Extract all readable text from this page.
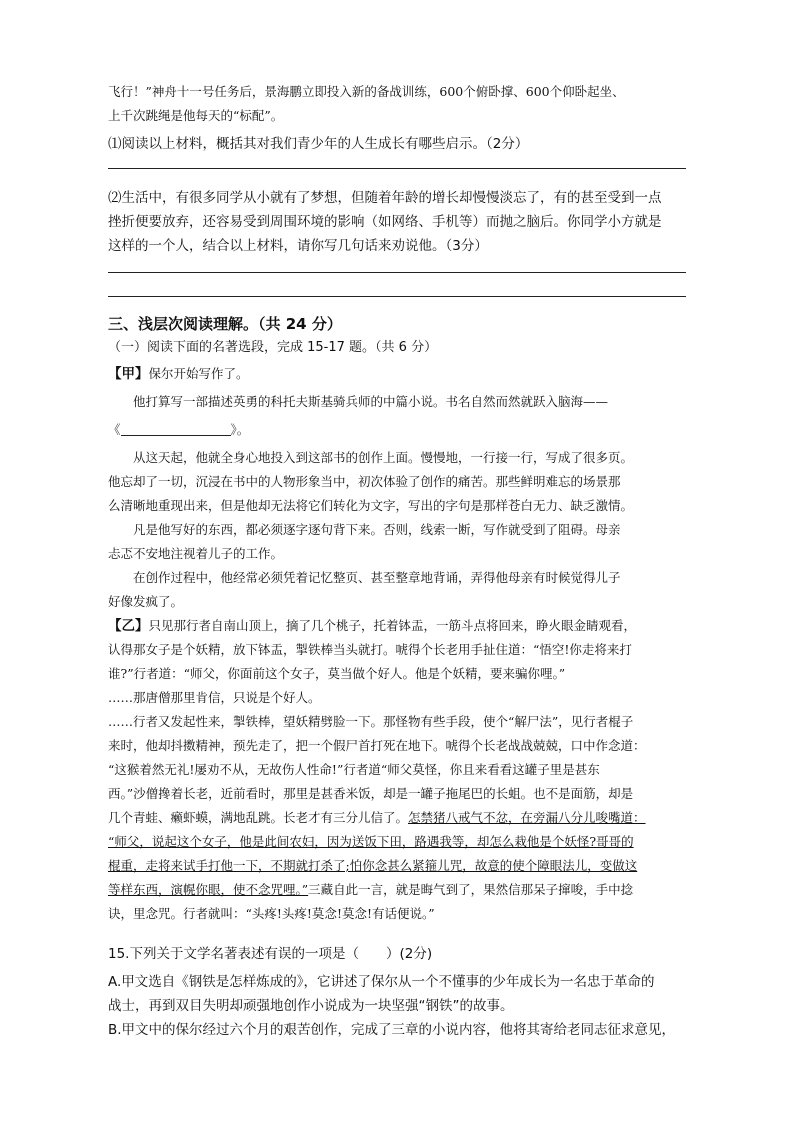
飞行！”神舟十一号任务后，景海鹏立即投入新的备战训练，600个俯卧撑、600个仰卧起坐、

上千次跳绳是他每天的“标配”。

⑴阅读以上材料，概括其对我们青少年的人生成长有哪些启示。（2分）

⑵生活中，有很多同学从小就有了梦想，但随着年龄的增长却慢慢淡忘了，有的甚至受到一点

挫折便要放弃，还容易受到周围环境的影响（如网络、手机等）而抛之脑后。你同学小方就是

这样的一个人，结合以上材料，请你写几句话来劝说他。（3分）

三、浅层次阅读理解。（共 24 分）

（一）阅读下面的名著选段，完成 15-17 题。（共 6 分）

【甲】保尔开始写作了。

他打算写一部描述英勇的科托夫斯基骑兵师的中篇小说。书名自然而然就跃入脑海——

《	》。

从这天起，他就全身心地投入到这部书的创作上面。慢慢地，一行接一行，写成了很多页。

他忘却了一切，沉浸在书中的人物形象当中，初次体验了创作的痛苦。那些鲜明难忘的场景那

么清晰地重现出来，但是他却无法将它们转化为文字，写出的字句是那样苍白无力、缺乏激情。

凡是他写好的东西，都必须逐字逐句背下来。否则，线索一断，写作就受到了阻碍。母亲

忐忑不安地注视着儿子的工作。

在创作过程中，他经常必须凭着记忆整页、甚至整章地背诵，弄得他母亲有时候觉得儿子

好像发疯了。

【乙】只见那行者自南山顶上，摘了几个桃子，托着钵盂，一筋斗点将回来，睁火眼金睛观看，

认得那女子是个妖精，放下钵盂，掣铁棒当头就打。唬得个长老用手扯住道：“悟空!你走将来打

谁?”行者道：“师父，你面前这个女子，莫当做个好人。他是个妖精，要来骗你哩。”

……那唐僧那里肯信，只说是个好人。

……行者又发起性来，掣铁棒，望妖精劈脸一下。那怪物有些手段，使个“解尸法”，见行者棍子

来时，他却抖擞精神，预先走了，把一个假尸首打死在地下。唬得个长老战战兢兢，口中作念道：

“这猴着然无礼!屡劝不从，无故伤人性命!”行者道“师父莫怪，你且来看看这罐子里是甚东

西。”沙僧搀着长老，近前看时，那里是甚香米饭，却是一罐子拖尾巴的长蛆。也不是面筋，却是

几个青蛙、癞虾蟆，满地乱跳。长老才有三分儿信了。怎禁猪八戒气不忿，在旁漏八分儿唆嘴道：

“师父，说起这个女子，他是此间农妇，因为送饭下田，路遇我等，却怎么栽他是个妖怪?哥哥的

棍重，走将来试手打他一下，不期就打杀了;怕你念甚么紧箍儿咒，故意的使个障眼法儿，变做这

等样东西，演幌你眼，使不念咒哩。”三藏自此一言，就是晦气到了，果然信那呆子撺唆，手中捻

诀，里念咒。行者就叫：“头疼!头疼!莫念!莫念!有话便说。”

15.下列关于文学名著表述有误的一项是（　　）(2分)

A.甲文选自《钢铁是怎样炼成的》，它讲述了保尔从一个不懂事的少年成长为一名忠于革命的

战士，再到双目失明却顽强地创作小说成为一块坚强“钢铁”的故事。

B.甲文中的保尔经过六个月的艰苦创作，完成了三章的小说内容，他将其寄给老同志征求意见，
